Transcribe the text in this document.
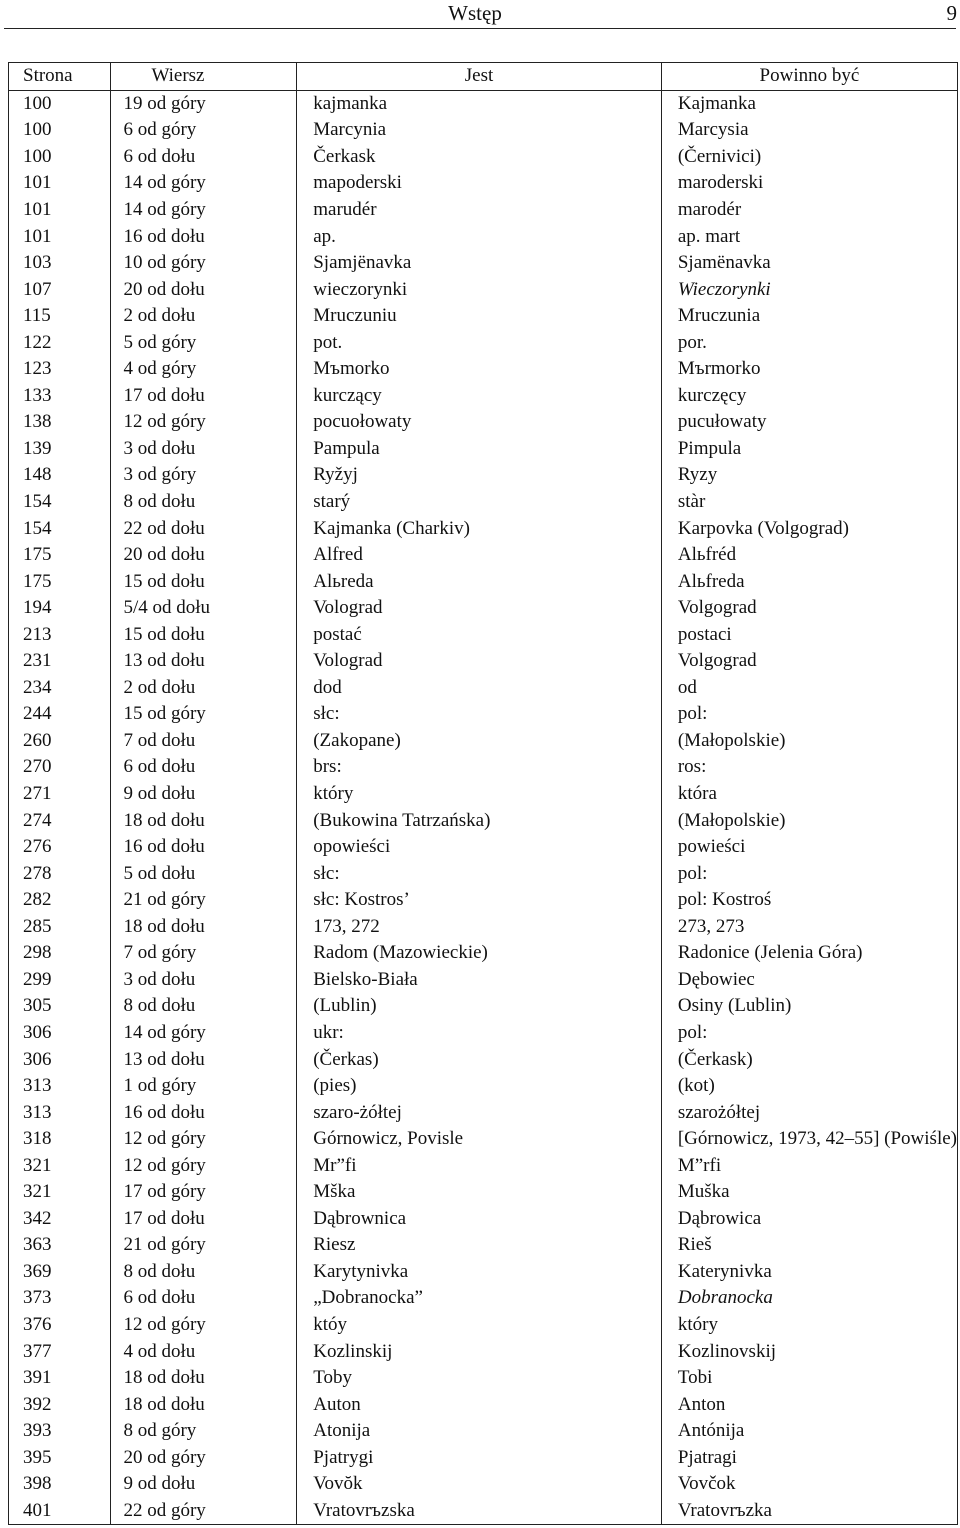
Wstęp	9
Strona	Wiersz	Jest	Powinno być
100	19 od góry	kajmanka	Kajmanka
100	6 od góry	Marcynia	Marcysia
100	6 od dołu	Čerkask	(Černivici)
101	14 od góry	mapoderski	maroderski
101	14 od góry	marudér	marodér
101	16 od dołu	ap.	ap. mart
103	10 od góry	Sjamjënavka	Sjamënavka
107	20 od dołu	wieczorynki	Wieczorynki
115	2 od dołu	Mruczuniu	Mruczunia
122	5 od góry	pot.	por.
123	4 od góry	Mъmorko	Mъrmorko
133	17 od dołu	kurczący	kurczęcy
138	12 od góry	pocuołowaty	pucułowaty
139	3 od dołu	Pampula	Pimpula
148	3 od góry	Ryžyj	Ryzy
154	8 od dołu	starý	stàr
154	22 od dołu	Kajmanka (Charkiv)	Karpovka (Volgograd)
175	20 od dołu	Alfred	Alьfréd
175	15 od dołu	Alьreda	Alьfreda
194	5/4 od dołu	Volograd	Volgograd
213	15 od dołu	postać	postaci
231	13 od dołu	Volograd	Volgograd
234	2 od dołu	dod	od
244	15 od góry	słc:	pol:
260	7 od dołu	(Zakopane)	(Małopolskie)
270	6 od dołu	brs:	ros:
271	9 od dołu	który	która
274	18 od dołu	(Bukowina Tatrzańska)	(Małopolskie)
276	16 od dołu	opowieści	powieści
278	5 od dołu	słc:	pol:
282	21 od góry	słc: Kostros’	pol: Kostroś
285	18 od dołu	173, 272	273, 273
298	7 od góry	Radom (Mazowieckie)	Radonice (Jelenia Góra)
299	3 od dołu	Bielsko-Biała	Dębowiec
305	8 od dołu	(Lublin)	Osiny (Lublin)
306	14 od góry	ukr:	pol:
306	13 od dołu	(Čerkas)	(Čerkask)
313	1 od góry	(pies)	(kot)
313	16 od dołu	szaro-żółtej	szarożółtej
318	12 od góry	Górnowicz, Povisle	[Górnowicz, 1973, 42–55] (Powiśle)
321	12 od góry	Mr”fi	M”rfi
321	17 od góry	Mška	Muška
342	17 od dołu	Dąbrownica	Dąbrowica
363	21 od góry	Riesz	Rieš
369	8 od dołu	Karytynivka	Katerynivka
373	6 od dołu	„Dobranocka”	Dobranocka
376	12 od góry	któy	który
377	4 od dołu	Kozlinskij	Kozlinovskij
391	18 od dołu	Toby	Tobi
392	18 od dołu	Auton	Anton
393	8 od góry	Atonija	Antónija
395	20 od góry	Pjatrygi	Pjatragi
398	9 od dołu	Vovŏk	Vovčok
401	22 od góry	Vratovrъzska	Vratovrъzka
